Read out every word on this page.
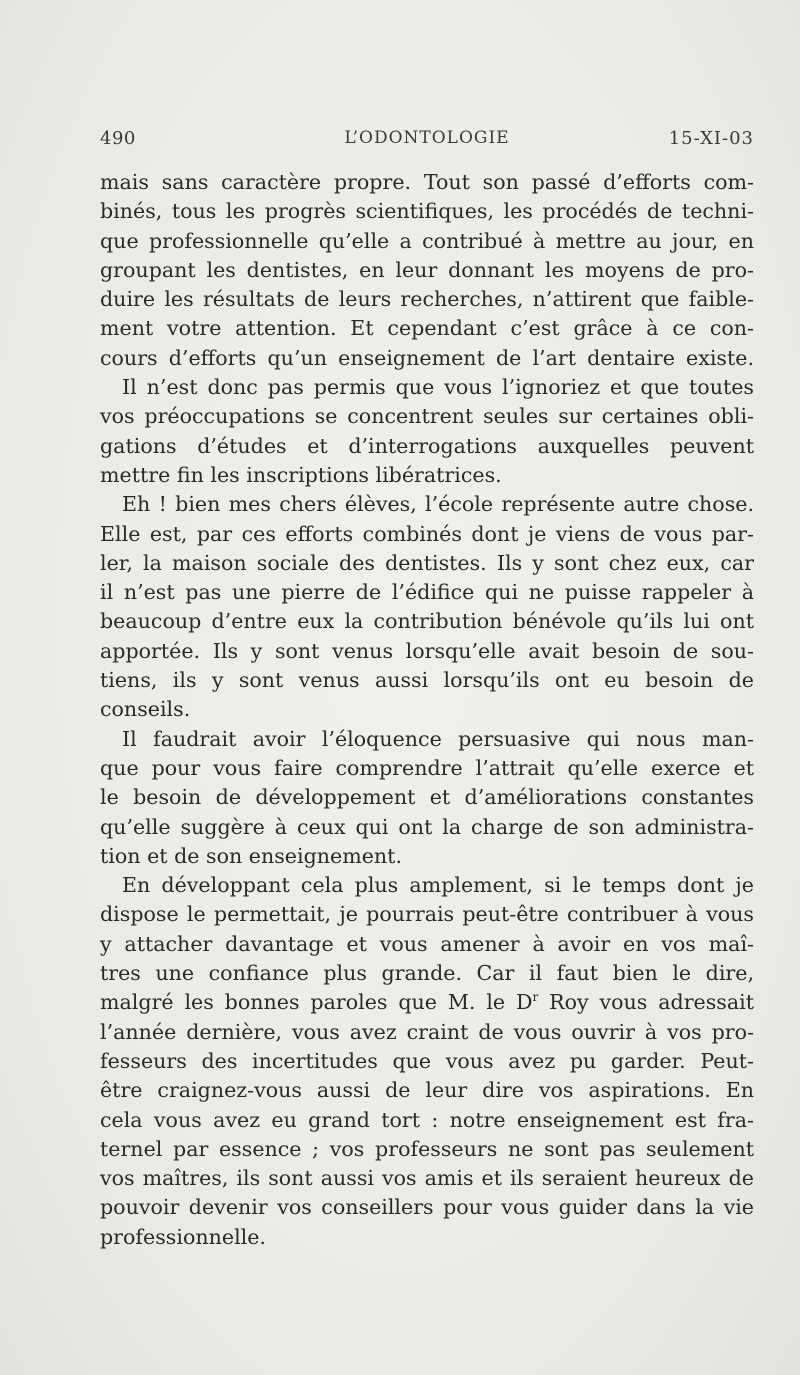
490	L’ODONTOLOGIE	15-XI-03
mais sans caractère propre. Tout son passé d’efforts com-
binés, tous les progrès scientifiques, les procédés de techni-
que professionnelle qu’elle a contribué à mettre au jour, en
groupant les dentistes, en leur donnant les moyens de pro-
duire les résultats de leurs recherches, n’attirent que faible-
ment votre attention. Et cependant c’est grâce à ce con-
cours d’efforts qu’un enseignement de l’art dentaire existe.
Il n’est donc pas permis que vous l’ignoriez et que toutes
vos préoccupations se concentrent seules sur certaines obli-
gations d’études et d’interrogations auxquelles peuvent
mettre fin les inscriptions libératrices.
Eh ! bien mes chers élèves, l’école représente autre chose.
Elle est, par ces efforts combinés dont je viens de vous par-
ler, la maison sociale des dentistes. Ils y sont chez eux, car
il n’est pas une pierre de l’édifice qui ne puisse rappeler à
beaucoup d’entre eux la contribution bénévole qu’ils lui ont
apportée. Ils y sont venus lorsqu’elle avait besoin de sou-
tiens, ils y sont venus aussi lorsqu’ils ont eu besoin de
conseils.
Il faudrait avoir l’éloquence persuasive qui nous man-
que pour vous faire comprendre l’attrait qu’elle exerce et
le besoin de développement et d’améliorations constantes
qu’elle suggère à ceux qui ont la charge de son administra-
tion et de son enseignement.
En développant cela plus amplement, si le temps dont je
dispose le permettait, je pourrais peut-être contribuer à vous
y attacher davantage et vous amener à avoir en vos maî-
tres une confiance plus grande. Car il faut bien le dire,
malgré les bonnes paroles que M. le $D^r$ Roy vous adressait
l’année dernière, vous avez craint de vous ouvrir à vos pro-
fesseurs des incertitudes que vous avez pu garder. Peut-
être craignez-vous aussi de leur dire vos aspirations. En
cela vous avez eu grand tort : notre enseignement est fra-
ternel par essence ; vos professeurs ne sont pas seulement
vos maîtres, ils sont aussi vos amis et ils seraient heureux de
pouvoir devenir vos conseillers pour vous guider dans la vie
professionnelle.
